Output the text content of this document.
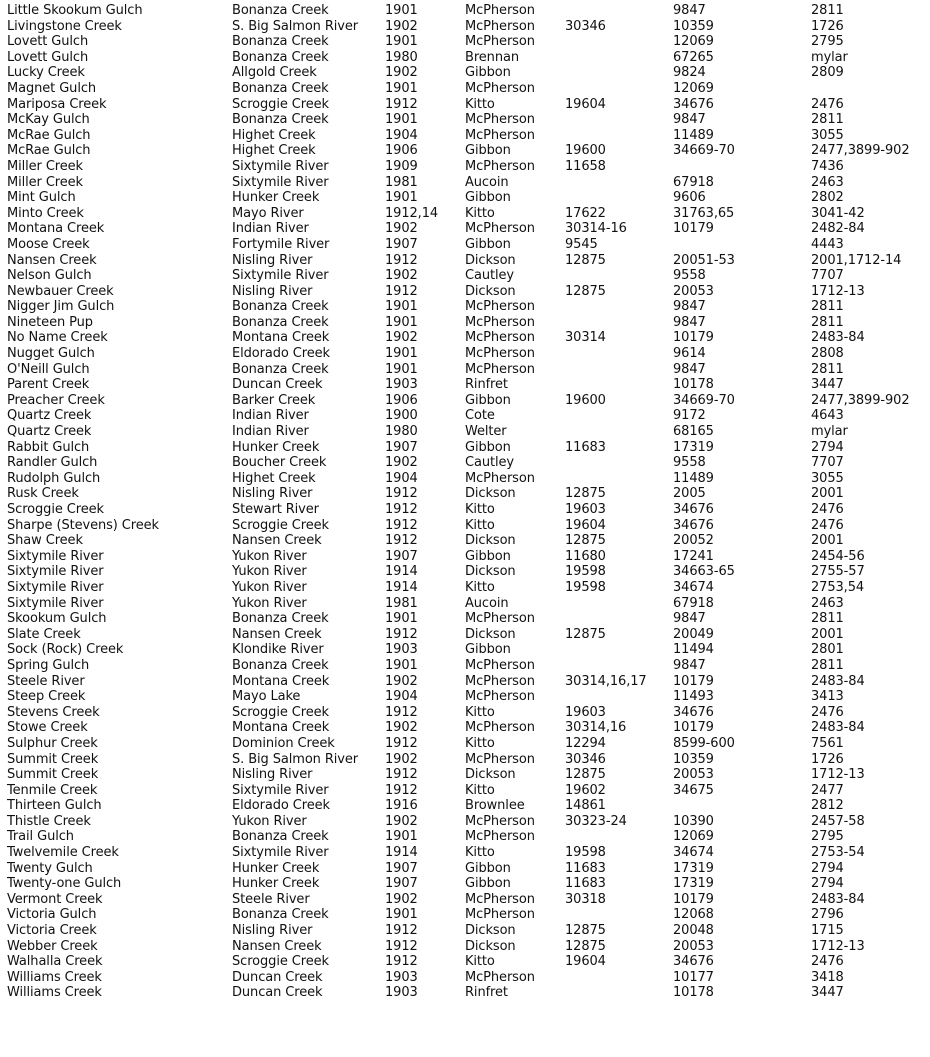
Little Skookum Gulch	Bonanza Creek	1901	McPherson		9847	2811
Livingstone Creek	S. Big Salmon River	1902	McPherson	30346	10359	1726
Lovett Gulch	Bonanza Creek	1901	McPherson		12069	2795
Lovett Gulch	Bonanza Creek	1980	Brennan		67265	mylar
Lucky Creek	Allgold Creek	1902	Gibbon		9824	2809
Magnet Gulch	Bonanza Creek	1901	McPherson		12069	
Mariposa Creek	Scroggie Creek	1912	Kitto	19604	34676	2476
McKay Gulch	Bonanza Creek	1901	McPherson		9847	2811
McRae Gulch	Highet Creek	1904	McPherson		11489	3055
McRae Gulch	Highet Creek	1906	Gibbon	19600	34669-70	2477,3899-902
Miller Creek	Sixtymile River	1909	McPherson	11658		7436
Miller Creek	Sixtymile River	1981	Aucoin		67918	2463
Mint Gulch	Hunker Creek	1901	Gibbon		9606	2802
Minto Creek	Mayo River	1912,14	Kitto	17622	31763,65	3041-42
Montana Creek	Indian River	1902	McPherson	30314-16	10179	2482-84
Moose Creek	Fortymile River	1907	Gibbon	9545		4443
Nansen Creek	Nisling River	1912	Dickson	12875	20051-53	2001,1712-14
Nelson Gulch	Sixtymile River	1902	Cautley		9558	7707
Newbauer Creek	Nisling River	1912	Dickson	12875	20053	1712-13
Nigger Jim Gulch	Bonanza Creek	1901	McPherson		9847	2811
Nineteen Pup	Bonanza Creek	1901	McPherson		9847	2811
No Name Creek	Montana Creek	1902	McPherson	30314	10179	2483-84
Nugget Gulch	Eldorado Creek	1901	McPherson		9614	2808
O'Neill Gulch	Bonanza Creek	1901	McPherson		9847	2811
Parent Creek	Duncan Creek	1903	Rinfret		10178	3447
Preacher Creek	Barker Creek	1906	Gibbon	19600	34669-70	2477,3899-902
Quartz Creek	Indian River	1900	Cote		9172	4643
Quartz Creek	Indian River	1980	Welter		68165	mylar
Rabbit Gulch	Hunker Creek	1907	Gibbon	11683	17319	2794
Randler Gulch	Boucher Creek	1902	Cautley		9558	7707
Rudolph Gulch	Highet Creek	1904	McPherson		11489	3055
Rusk Creek	Nisling River	1912	Dickson	12875	2005	2001
Scroggie Creek	Stewart River	1912	Kitto	19603	34676	2476
Sharpe (Stevens) Creek	Scroggie Creek	1912	Kitto	19604	34676	2476
Shaw Creek	Nansen Creek	1912	Dickson	12875	20052	2001
Sixtymile River	Yukon River	1907	Gibbon	11680	17241	2454-56
Sixtymile River	Yukon River	1914	Dickson	19598	34663-65	2755-57
Sixtymile River	Yukon River	1914	Kitto	19598	34674	2753,54
Sixtymile River	Yukon River	1981	Aucoin		67918	2463
Skookum Gulch	Bonanza Creek	1901	McPherson		9847	2811
Slate Creek	Nansen Creek	1912	Dickson	12875	20049	2001
Sock (Rock) Creek	Klondike River	1903	Gibbon		11494	2801
Spring Gulch	Bonanza Creek	1901	McPherson		9847	2811
Steele River	Montana Creek	1902	McPherson	30314,16,17	10179	2483-84
Steep Creek	Mayo Lake	1904	McPherson		11493	3413
Stevens Creek	Scroggie Creek	1912	Kitto	19603	34676	2476
Stowe Creek	Montana Creek	1902	McPherson	30314,16	10179	2483-84
Sulphur Creek	Dominion Creek	1912	Kitto	12294	8599-600	7561
Summit Creek	S. Big Salmon River	1902	McPherson	30346	10359	1726
Summit Creek	Nisling River	1912	Dickson	12875	20053	1712-13
Tenmile Creek	Sixtymile River	1912	Kitto	19602	34675	2477
Thirteen Gulch	Eldorado Creek	1916	Brownlee	14861		2812
Thistle Creek	Yukon River	1902	McPherson	30323-24	10390	2457-58
Trail Gulch	Bonanza Creek	1901	McPherson		12069	2795
Twelvemile Creek	Sixtymile River	1914	Kitto	19598	34674	2753-54
Twenty Gulch	Hunker Creek	1907	Gibbon	11683	17319	2794
Twenty-one Gulch	Hunker Creek	1907	Gibbon	11683	17319	2794
Vermont Creek	Steele River	1902	McPherson	30318	10179	2483-84
Victoria Gulch	Bonanza Creek	1901	McPherson		12068	2796
Victoria Creek	Nisling River	1912	Dickson	12875	20048	1715
Webber Creek	Nansen Creek	1912	Dickson	12875	20053	1712-13
Walhalla Creek	Scroggie Creek	1912	Kitto	19604	34676	2476
Williams Creek	Duncan Creek	1903	McPherson		10177	3418
Williams Creek	Duncan Creek	1903	Rinfret		10178	3447
